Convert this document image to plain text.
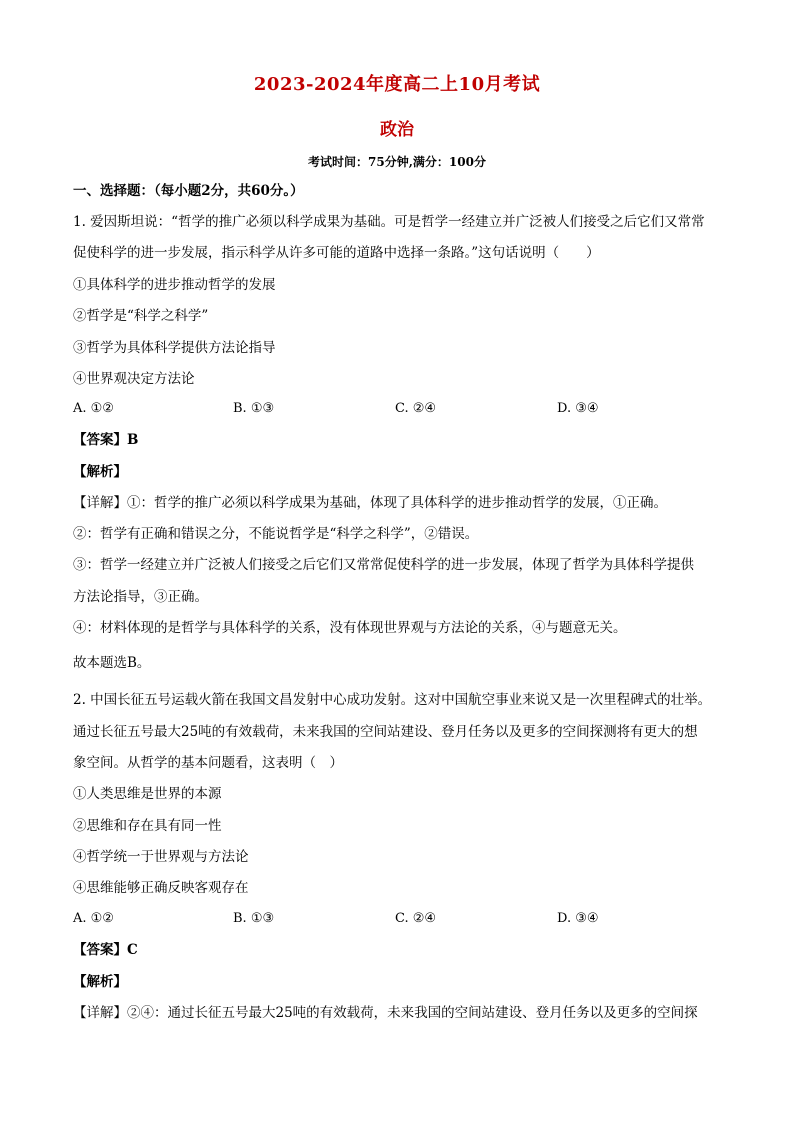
2023-2024年度高二上10月考试
政治
考试时间：75分钟,满分：100分
一、选择题：（每小题2分，共60分。）
1. 爱因斯坦说：“哲学的推广必须以科学成果为基础。可是哲学一经建立并广泛被人们接受之后它们又常常
促使科学的进一步发展，指示科学从许多可能的道路中选择一条路。”这句话说明（　　）
①具体科学的进步推动哲学的发展
②哲学是“科学之科学”
③哲学为具体科学提供方法论指导
④世界观决定方法论
A. ①②	B. ①③	C. ②④	D. ③④
【答案】B
【解析】
【详解】①：哲学的推广必须以科学成果为基础，体现了具体科学的进步推动哲学的发展，①正确。
②：哲学有正确和错误之分，不能说哲学是“科学之科学”，②错误。
③：哲学一经建立并广泛被人们接受之后它们又常常促使科学的进一步发展，体现了哲学为具体科学提供
方法论指导，③正确。
④：材料体现的是哲学与具体科学的关系，没有体现世界观与方法论的关系，④与题意无关。
故本题选B。
2. 中国长征五号运载火箭在我国文昌发射中心成功发射。这对中国航空事业来说又是一次里程碑式的壮举。
通过长征五号最大25吨的有效载荷，未来我国的空间站建设、登月任务以及更多的空间探测将有更大的想
象空间。从哲学的基本问题看，这表明（　）
①人类思维是世界的本源
②思维和存在具有同一性
④哲学统一于世界观与方法论
④思维能够正确反映客观存在
A. ①②	B. ①③	C. ②④	D. ③④
【答案】C
【解析】
【详解】②④：通过长征五号最大25吨的有效载荷，未来我国的空间站建设、登月任务以及更多的空间探
